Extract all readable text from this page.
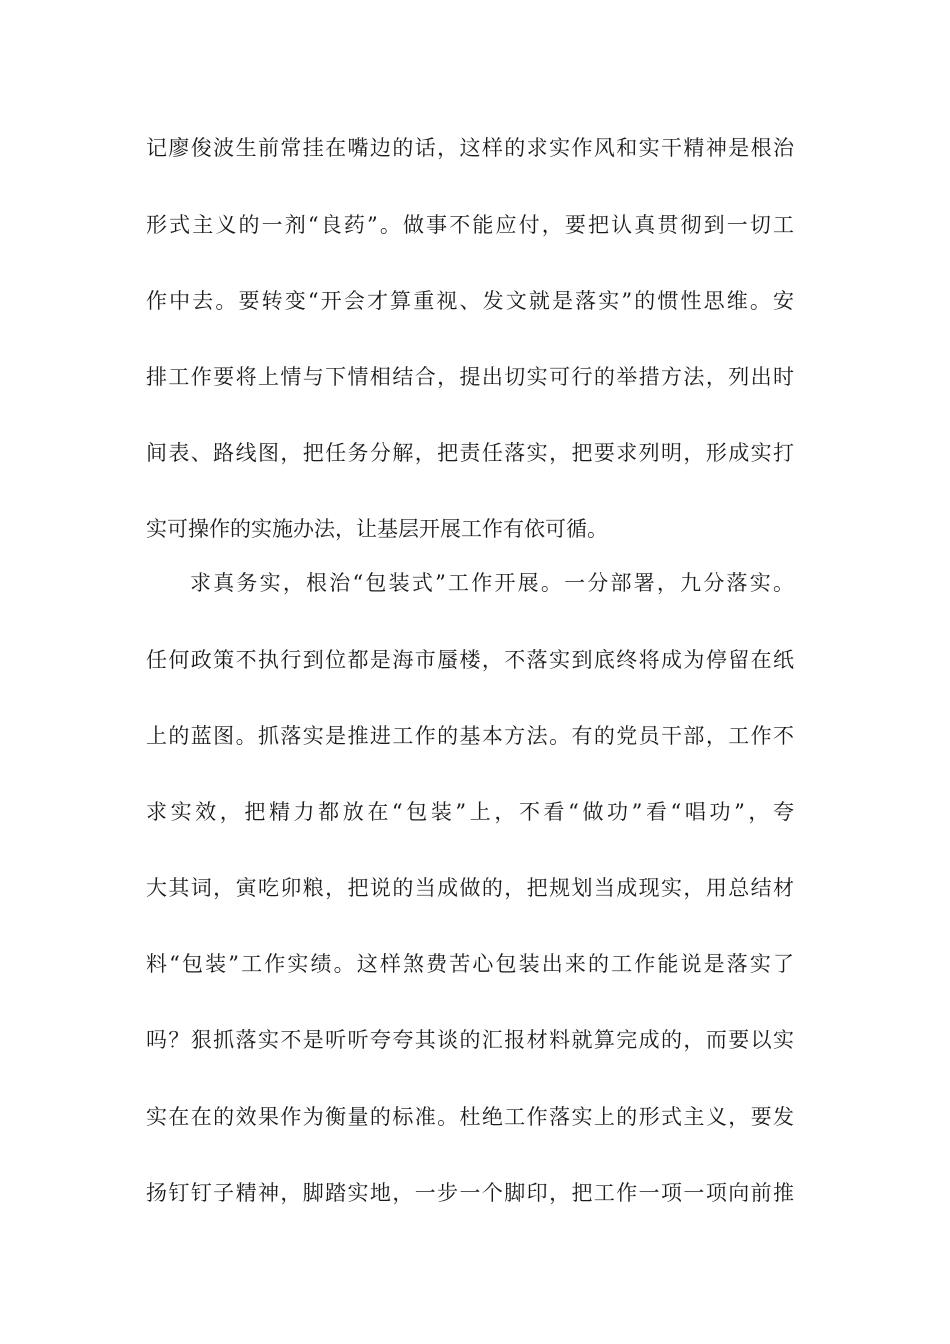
记廖俊波生前常挂在嘴边的话，这样的求实作风和实干精神是根治
形式主义的一剂“良药”。做事不能应付，要把认真贯彻到一切工
作中去。要转变“开会才算重视、发文就是落实”的惯性思维。安
排工作要将上情与下情相结合，提出切实可行的举措方法，列出时
间表、路线图，把任务分解，把责任落实，把要求列明，形成实打
实可操作的实施办法，让基层开展工作有依可循。
求真务实，根治“包装式”工作开展。一分部署，九分落实。
任何政策不执行到位都是海市蜃楼，不落实到底终将成为停留在纸
上的蓝图。抓落实是推进工作的基本方法。有的党员干部，工作不
求实效，把精力都放在“包装”上，不看“做功”看“唱功”，夸
大其词，寅吃卯粮，把说的当成做的，把规划当成现实，用总结材
料“包装”工作实绩。这样煞费苦心包装出来的工作能说是落实了
吗？狠抓落实不是听听夸夸其谈的汇报材料就算完成的，而要以实
实在在的效果作为衡量的标准。杜绝工作落实上的形式主义，要发
扬钉钉子精神，脚踏实地，一步一个脚印，把工作一项一项向前推
